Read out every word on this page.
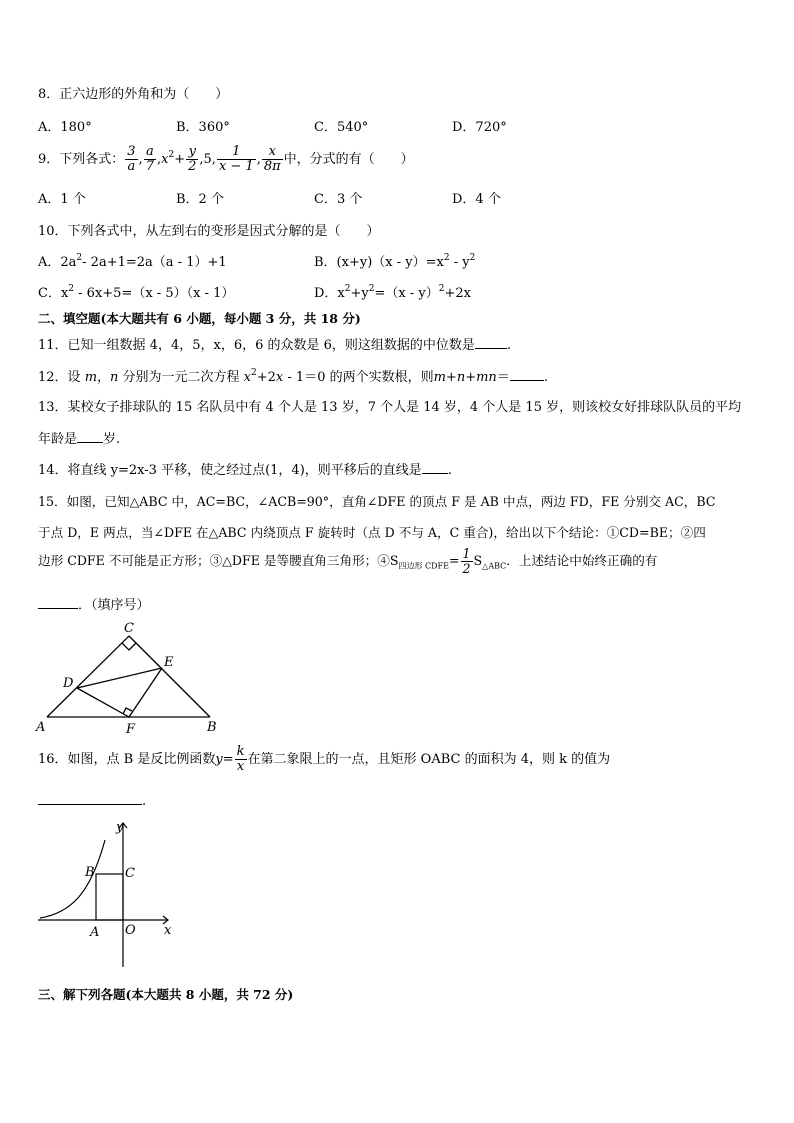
8．正六边形的外角和为（　　）
A．180°	B．360°	C．540°	D．720°
9．下列各式： $\frac{3}{a}$ , $\frac{a}{7} ,x^2+ \frac{y}{2} ,5$, $\frac{1}{x - 1}$ , $\frac{x}{8\pi}$ 中，分式的有（　　）
A．1 个	B．2 个	C．3 个	D．4 个
10．下列各式中，从左到右的变形是因式分解的是（　　）
A．$2a^2-$ 2a+1=2a（a - 1）+1	B．$(x+y)(x - y)=x^2 - y^2$
C．$x^2 - 6x+5=(x - 5)(x - 1)$	D．$x^2+y^2=(x - y)^2+2x$
二、填空题(本大题共有 6 小题，每小题 3 分，共 18 分)
11．已知一组数据 4，4，5，x，6，6 的众数是 6，则这组数据的中位数是 .
12．设 m，n 分别为一元二次方程 $x^2+2x - 1=0$ 的两个实数根，则m+n+mn＝	.
13．某校女子排球队的 15 名队员中有 4 个人是 13 岁，7 个人是 14 岁，4 个人是 15 岁，则该校女好排球队队员的平均
年龄是 岁.
14．将直线 y=2x-3 平移，使之经过点(1，4)，则平移后的直线是 .
15．如图，已知△ABC 中，AC=BC，∠ACB=90°，直角∠DFE 的顶点 F 是 AB 中点，两边 FD，FE 分别交 AC，BC
于点 D，E 两点，当∠DFE 在△ABC 内绕顶点 F 旋转时（点 D 不与 A，C 重合)，给出以下个结论：①CD=BE；②四
边形 CDFE 不可能是正方形；③△DFE 是等腰直角三角形；$④S_{四边形 CDFE}= \frac{1}{2} S_{\triangle ABC}$．上述结论中始终正确的有
．（填序号）
C
E
D
A	F	B
16．如图，点 B 是反比例函数$y= \frac{k}{x}$ 在第二象限上的一点，且矩形 OABC 的面积为 4，则 k 的值为
.
y
B C
A O x
三、解下列各题(本大题共 8 小题，共 72 分)
